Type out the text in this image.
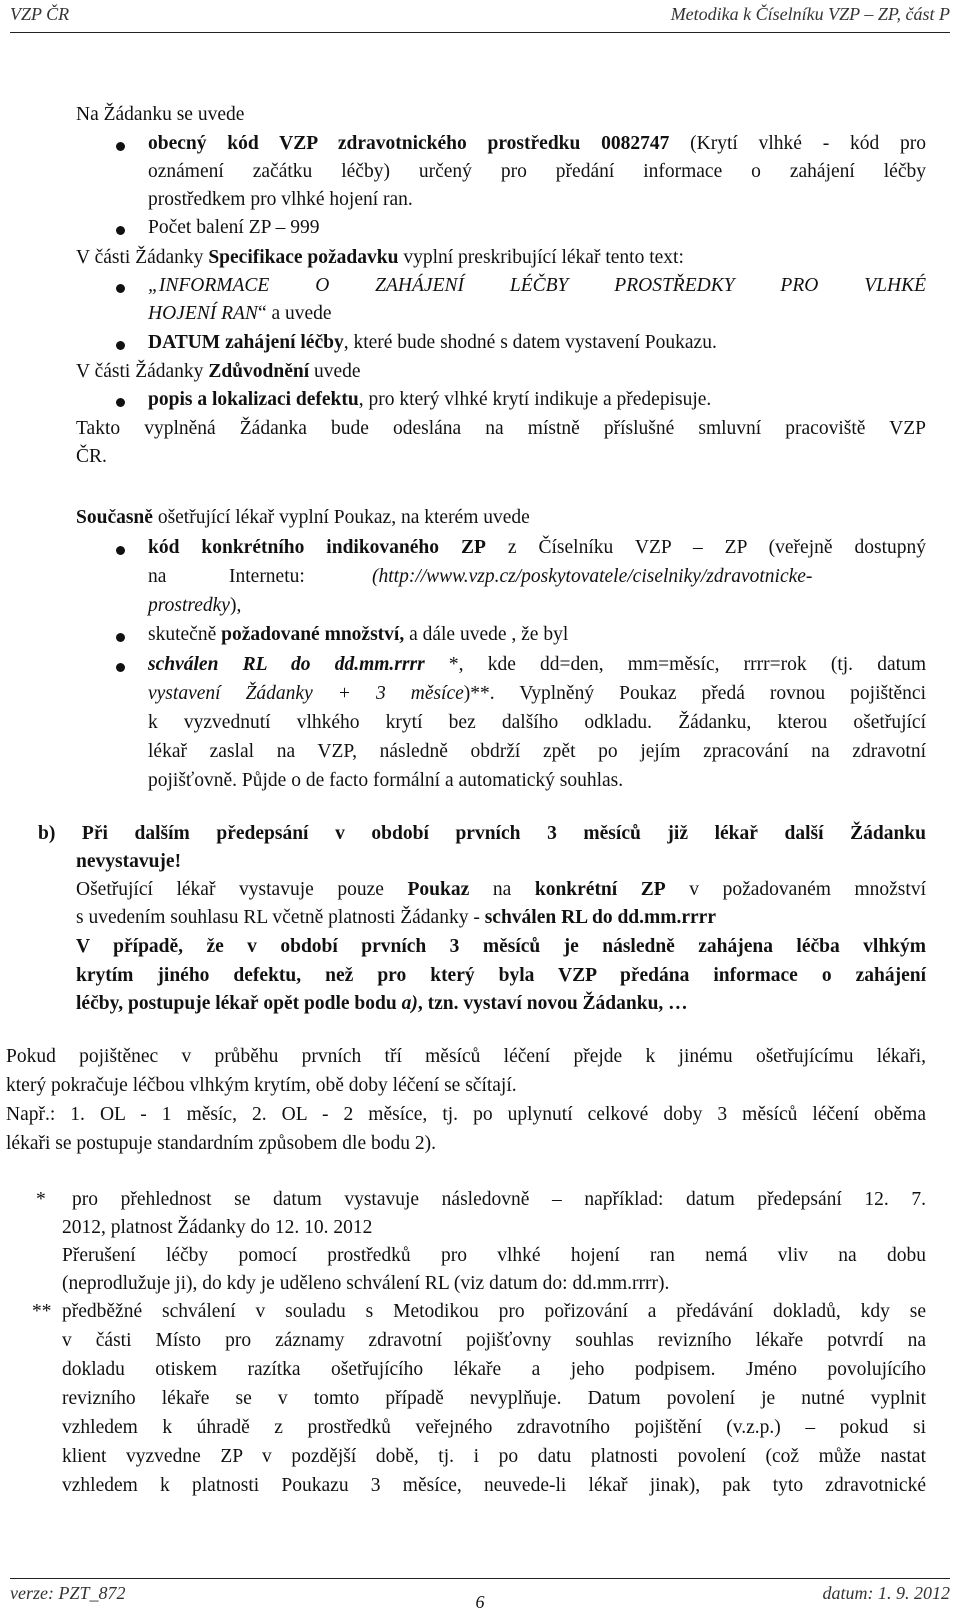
VZP ČR	Metodika k Číselníku VZP – ZP, část P
Na Žádanku se uvede
obecný kód VZP zdravotnického prostředku 0082747 (Krytí vlhké - kód pro
oznámení začátku léčby) určený pro předání informace o zahájení léčby
prostředkem pro vlhké hojení ran.
Počet balení ZP – 999
V části Žádanky Specifikace požadavku vyplní preskribující lékař tento text:
„INFORMACE O ZAHÁJENÍ LÉČBY PROSTŘEDKY PRO VLHKÉ
HOJENÍ RAN“ a uvede
DATUM zahájení léčby, které bude shodné s datem vystavení Poukazu.
V části Žádanky Zdůvodnění uvede
popis a lokalizaci defektu, pro který vlhké krytí indikuje a předepisuje.
Takto vyplněná Žádanka bude odeslána na místně příslušné smluvní pracoviště VZP
ČR.
Současně ošetřující lékař vyplní Poukaz, na kterém uvede
kód konkrétního indikovaného ZP z Číselníku VZP – ZP (veřejně dostupný
na	Internetu:	(http://www.vzp.cz/poskytovatele/ciselniky/zdravotnicke-
prostredky),
skutečně požadované množství, a dále uvede , že byl
schválen RL do dd.mm.rrrr *, kde dd=den, mm=měsíc, rrrr=rok (tj. datum
vystavení Žádanky + 3 měsíce)**. Vyplněný Poukaz předá rovnou pojištěnci
k vyzvednutí vlhkého krytí bez dalšího odkladu. Žádanku, kterou ošetřující
lékař zaslal na VZP, následně obdrží zpět po jejím zpracování na zdravotní
pojišťovně. Půjde o de facto formální a automatický souhlas.
b) Při dalším předepsání v období prvních 3 měsíců již lékař další Žádanku
nevystavuje!
Ošetřující lékař vystavuje pouze Poukaz na konkrétní ZP v požadovaném množství
s uvedením souhlasu RL včetně platnosti Žádanky - schválen RL do dd.mm.rrrr
V případě, že v období prvních 3 měsíců je následně zahájena léčba vlhkým
krytím jiného defektu, než pro který byla VZP předána informace o zahájení
léčby, postupuje lékař opět podle bodu a), tzn. vystaví novou Žádanku, …
Pokud pojištěnec v průběhu prvních tří měsíců léčení přejde k jinému ošetřujícímu lékaři,
který pokračuje léčbou vlhkým krytím, obě doby léčení se sčítají.
Např.: 1. OL - 1 měsíc, 2. OL - 2 měsíce, tj. po uplynutí celkové doby 3 měsíců léčení oběma
lékaři se postupuje standardním způsobem dle bodu 2).
* pro přehlednost se datum vystavuje následovně – například: datum předepsání 12. 7.
2012, platnost Žádanky do 12. 10. 2012
Přerušení léčby pomocí prostředků pro vlhké hojení ran nemá vliv na dobu
(neprodlužuje ji), do kdy je uděleno schválení RL (viz datum do: dd.mm.rrrr).
** předběžné schválení v souladu s Metodikou pro pořizování a předávání dokladů, kdy se
v části Místo pro záznamy zdravotní pojišťovny souhlas revizního lékaře potvrdí na
dokladu otiskem razítka ošetřujícího lékaře a jeho podpisem. Jméno povolujícího
revizního lékaře se v tomto případě nevyplňuje. Datum povolení je nutné vyplnit
vzhledem k úhradě z prostředků veřejného zdravotního pojištění (v.z.p.) – pokud si
klient vyzvedne ZP v pozdější době, tj. i po datu platnosti povolení (což může nastat
vzhledem k platnosti Poukazu 3 měsíce, neuvede-li lékař jinak), pak tyto zdravotnické
verze: PZT_872	datum: 1. 9. 2012
6
